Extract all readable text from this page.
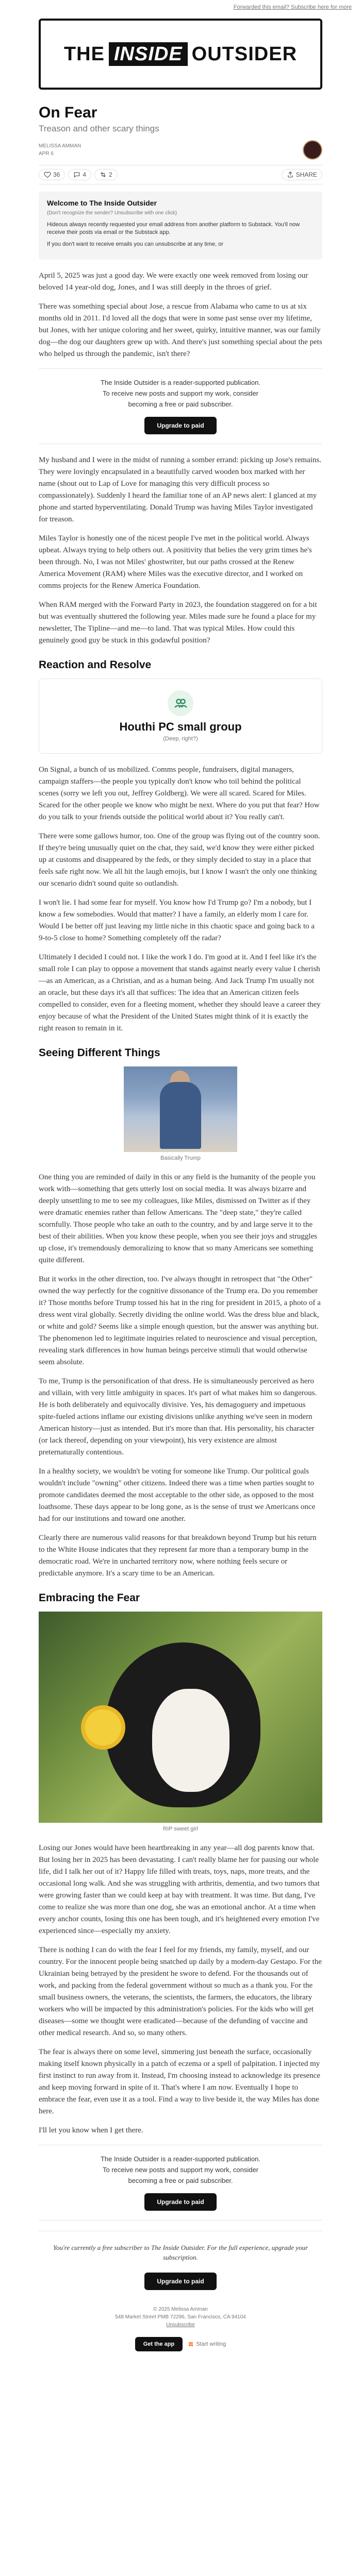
Forwarded this email? Subscribe here for more
THE INSIDE OUTSIDER
On Fear

Treason and other scary things

MELISSA AMMAN
APR 6
36	4	2	SHARE
Welcome to The Inside Outsider

(Don't recognize the sender? Unsubscribe with one click)

Hideous always recently requested your email address from another platform to Substack. You'll now receive their posts via email or the Substack app.

If you don't want to receive emails you can unsubscribe at any time, or

April 5, 2025 was just a good day. We were exactly one week removed from losing our beloved 14 year-old dog, Jones, and I was still deeply in the throes of grief.

There was something special about Jose, a rescue from Alabama who came to us at six months old in 2011. I'd loved all the dogs that were in some past sense over my lifetime, but Jones, with her unique coloring and her sweet, quirky, intuitive manner, was our family dog—the dog our daughters grew up with. And there's just something special about the pets who helped us through the pandemic, isn't there?

The Inside Outsider is a reader-supported publication.

To receive new posts and support my work, consider

becoming a free or paid subscriber.

Upgrade to paid

My husband and I were in the midst of running a somber errand: picking up Jose's remains. They were lovingly encapsulated in a beautifully carved wooden box marked with her name (shout out to Lap of Love for managing this very difficult process so compassionately). Suddenly I heard the familiar tone of an AP news alert: I glanced at my phone and started hyperventilating. Donald Trump was having Miles Taylor investigated for treason.

Miles Taylor is honestly one of the nicest people I've met in the political world. Always upbeat. Always trying to help others out. A positivity that belies the very grim times he's been through. No, I was not Miles' ghostwriter, but our paths crossed at the Renew America Movement (RAM) where Miles was the executive director, and I worked on comms projects for the Renew America Foundation.

When RAM merged with the Forward Party in 2023, the foundation staggered on for a bit but was eventually shuttered the following year. Miles made sure he found a place for my newsletter, The Tipline—and me—to land. That was typical Miles. How could this genuinely good guy be stuck in this godawful position?

Reaction and Resolve
Houthi PC small group
(Deep, right?)

On Signal, a bunch of us mobilized. Comms people, fundraisers, digital managers, campaign staffers—the people you typically don't know who toil behind the political scenes (sorry we left you out, Jeffrey Goldberg). We were all scared. Scared for Miles. Scared for the other people we know who might be next. Where do you put that fear? How do you talk to your friends outside the political world about it? You really can't.

There were some gallows humor, too. One of the group was flying out of the country soon. If they're being unusually quiet on the chat, they said, we'd know they were either picked up at customs and disappeared by the feds, or they simply decided to stay in a place that feels safe right now. We all hit the laugh emojis, but I know I wasn't the only one thinking our scenario didn't sound quite so outlandish.

I won't lie. I had some fear for myself. You know how I'd Trump go? I'm a nobody, but I know a few somebodies. Would that matter? I have a family, an elderly mom I care for. Would I be better off just leaving my little niche in this chaotic space and going back to a 9-to-5 close to home? Something completely off the radar?

Ultimately I decided I could not. I like the work I do. I'm good at it. And I feel like it's the small role I can play to oppose a movement that stands against nearly every value I cherish—as an American, as a Christian, and as a human being. And Jack Trump I'm usually not an oracle, but these days it's all that suffices: The idea that an American citizen feels compelled to consider, even for a fleeting moment, whether they should leave a career they enjoy because of what the President of the United States might think of it is exactly the right reason to remain in it.

Seeing Different Things
Basically Trump

One thing you are reminded of daily in this or any field is the humanity of the people you work with—something that gets utterly lost on social media. It was always bizarre and deeply unsettling to me to see my colleagues, like Miles, dismissed on Twitter as if they were dramatic enemies rather than fellow Americans. The "deep state," they're called scornfully. Those people who take an oath to the country, and by and large serve it to the best of their abilities. When you know these people, when you see their joys and struggles up close, it's tremendously demoralizing to know that so many Americans see something quite different.

But it works in the other direction, too. I've always thought in retrospect that "the Other" owned the way perfectly for the cognitive dissonance of the Trump era. Do you remember it? Those months before Trump tossed his hat in the ring for president in 2015, a photo of a dress went viral globally. Secretly dividing the online world. Was the dress blue and black, or white and gold? Seems like a simple enough question, but the answer was anything but. The phenomenon led to legitimate inquiries related to neuroscience and visual perception, revealing stark differences in how human beings perceive stimuli that would otherwise seem absolute.

To me, Trump is the personification of that dress. He is simultaneously perceived as hero and villain, with very little ambiguity in spaces. It's part of what makes him so dangerous. He is both deliberately and equivocally divisive. Yes, his demagoguery and impetuous spite-fueled actions inflame our existing divisions unlike anything we've seen in modern American history—just as intended. But it's more than that. His personality, his character (or lack thereof, depending on your viewpoint), his very existence are almost preternaturally contentious.

In a healthy society, we wouldn't be voting for someone like Trump. Our political goals wouldn't include "owning" other citizens. Indeed there was a time when parties sought to promote candidates deemed the most acceptable to the other side, as opposed to the most loathsome. These days appear to be long gone, as is the sense of trust we Americans once had for our institutions and toward one another.

Clearly there are numerous valid reasons for that breakdown beyond Trump but his return to the White House indicates that they represent far more than a temporary bump in the democratic road. We're in uncharted territory now, where nothing feels secure or predictable anymore. It's a scary time to be an American.

Embracing the Fear
RIP sweet girl

Losing our Jones would have been heartbreaking in any year—all dog parents know that. But losing her in 2025 has been devastating. I can't really blame her for pausing our whole life, did I talk her out of it? Happy life filled with treats, toys, naps, more treats, and the occasional long walk. And she was struggling with arthritis, dementia, and two tumors that were growing faster than we could keep at bay with treatment. It was time. But dang, I've come to realize she was more than one dog, she was an emotional anchor. At a time when every anchor counts, losing this one has been tough, and it's heightened every emotion I've experienced since—especially my anxiety.

There is nothing I can do with the fear I feel for my friends, my family, myself, and our country. For the innocent people being snatched up daily by a modern-day Gestapo. For the Ukrainian being betrayed by the president he swore to defend. For the thousands out of work, and packing from the federal government without so much as a thank you. For the small business owners, the veterans, the scientists, the farmers, the educators, the library workers who will be impacted by this administration's policies. For the kids who will get diseases—some we thought were eradicated—because of the defunding of vaccine and other medical research. And so, so many others.

The fear is always there on some level, simmering just beneath the surface, occasionally making itself known physically in a patch of eczema or a spell of palpitation. I injected my first instinct to run away from it. Instead, I'm choosing instead to acknowledge its presence and keep moving forward in spite of it. That's where I am now. Eventually I hope to embrace the fear, even use it as a tool. Find a way to live beside it, the way Miles has done here.

I'll let you know when I get there.

The Inside Outsider is a reader-supported publication.

To receive new posts and support my work, consider

becoming a free or paid subscriber.

Upgrade to paid

You're currently a free subscriber to The Inside Outsider. For the full experience, upgrade your subscription.

Upgrade to paid
© 2025 Melissa Amman
548 Market Street PMB 72296, San Francisco, CA 94104
Unsubscribe
Get the app	Start writing
